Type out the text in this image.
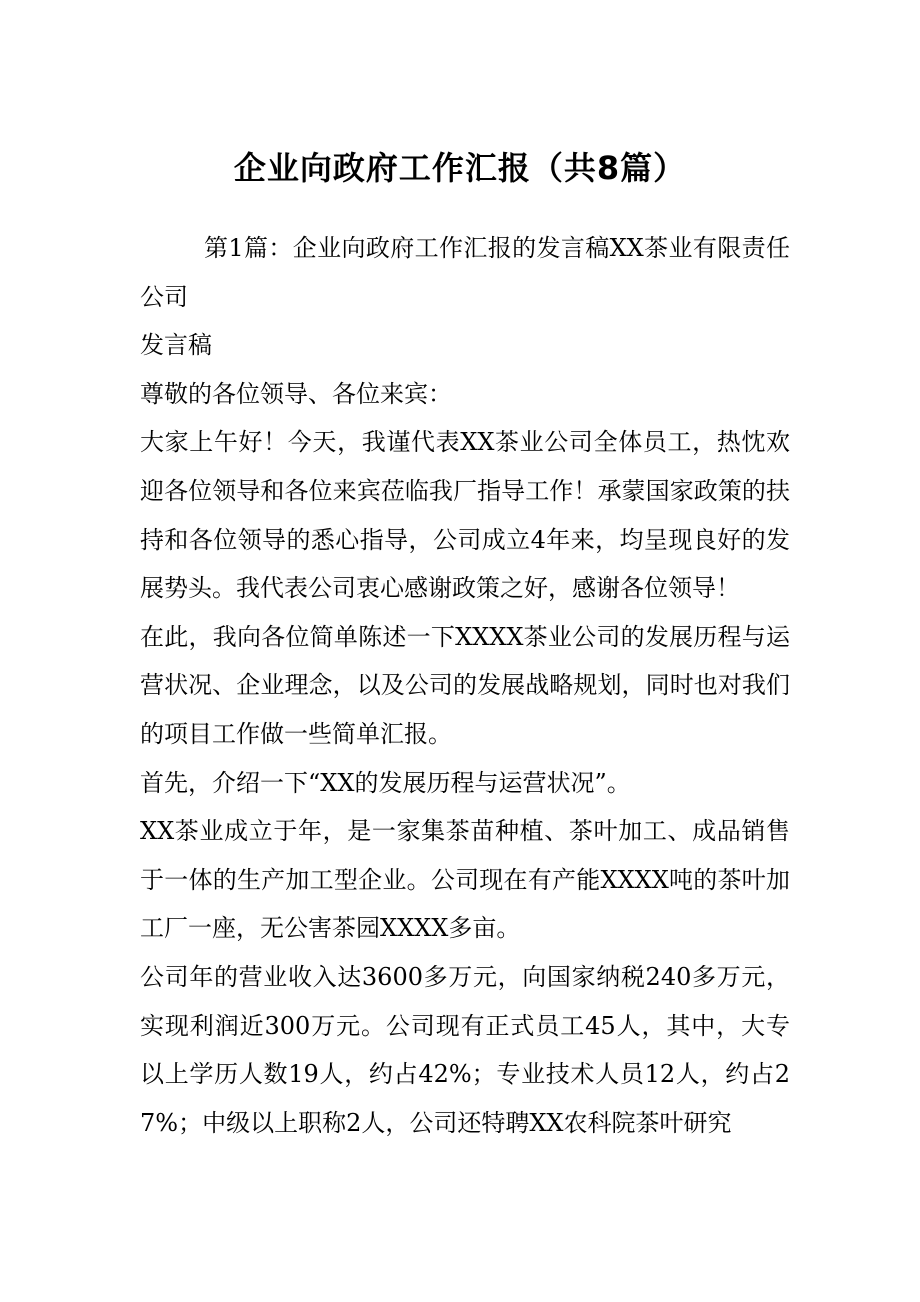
企业向政府工作汇报（共8篇）

第1篇：企业向政府工作汇报的发言稿XX茶业有限责任公司

发言稿

尊敬的各位领导、各位来宾：

大家上午好！今天，我谨代表XX茶业公司全体员工，热忱欢迎各位领导和各位来宾莅临我厂指导工作！承蒙国家政策的扶持和各位领导的悉心指导，公司成立4年来，均呈现良好的发展势头。我代表公司衷心感谢政策之好，感谢各位领导！

在此，我向各位简单陈述一下XXXX茶业公司的发展历程与运营状况、企业理念，以及公司的发展战略规划，同时也对我们的项目工作做一些简单汇报。

首先，介绍一下“XX的发展历程与运营状况”。

XX茶业成立于年，是一家集茶苗种植、茶叶加工、成品销售于一体的生产加工型企业。公司现在有产能XXXX吨的茶叶加工厂一座，无公害茶园XXXX多亩。

公司年的营业收入达3600多万元，向国家纳税240多万元，实现利润近300万元。公司现有正式员工45人，其中，大专以上学历人数19人，约占42%；专业技术人员12人，约占27%；中级以上职称2人，公司还特聘XX农科院茶叶研究
